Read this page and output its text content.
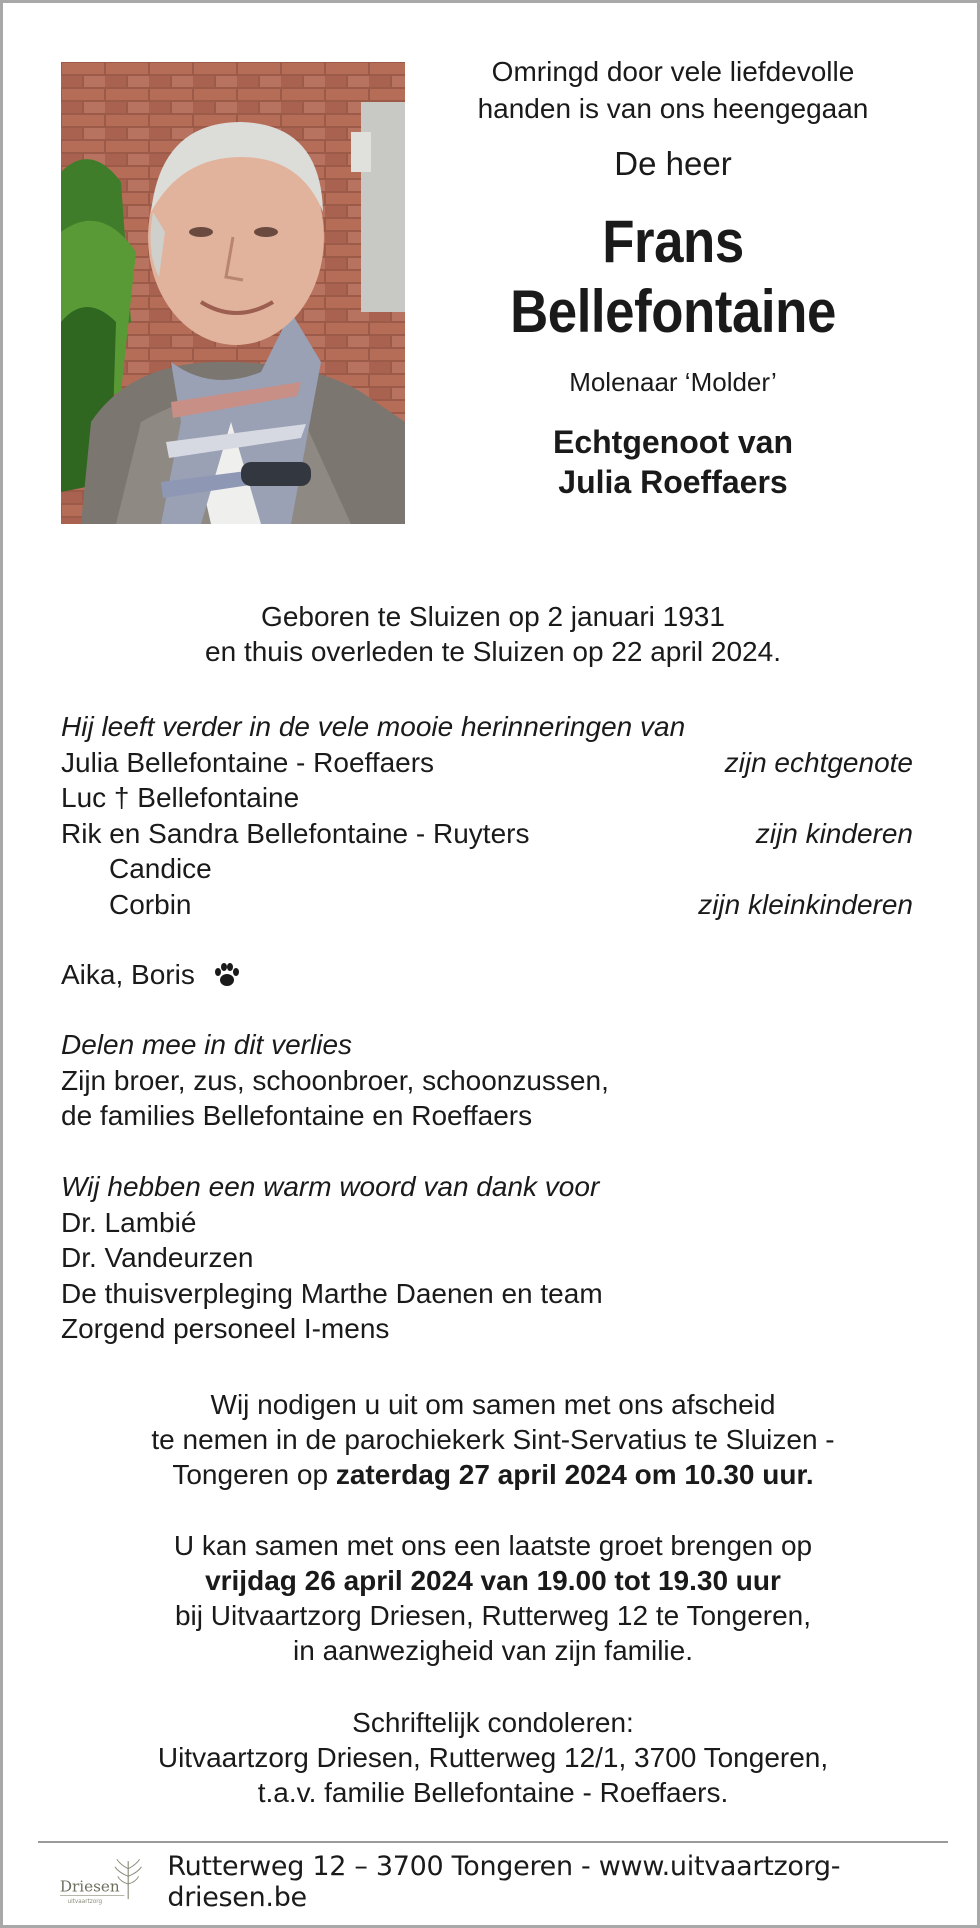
Omringd door vele liefdevolle
handen is van ons heengegaan
De heer
Frans
Bellefontaine
Molenaar ‘Molder’
Echtgenoot van
Julia Roeffaers
Geboren te Sluizen op 2 januari 1931
en thuis overleden te Sluizen op 22 april 2024.
Hij leeft verder in de vele mooie herinneringen van
Julia Bellefontaine - Roeffaers	zijn echtgenote
Luc † Bellefontaine
Rik en Sandra Bellefontaine - Ruyters	zijn kinderen
Candice
Corbin	zijn kleinkinderen
Aika, Boris
Delen mee in dit verlies
Zijn broer, zus, schoonbroer, schoonzussen,
de families Bellefontaine en Roeffaers
Wij hebben een warm woord van dank voor
Dr. Lambié
Dr. Vandeurzen
De thuisverpleging Marthe Daenen en team
Zorgend personeel I-mens
Wij nodigen u uit om samen met ons afscheid
te nemen in de parochiekerk Sint-Servatius te Sluizen -
Tongeren op zaterdag 27 april 2024 om 10.30 uur.
U kan samen met ons een laatste groet brengen op
vrijdag 26 april 2024 van 19.00 tot 19.30 uur
bij Uitvaartzorg Driesen, Rutterweg 12 te Tongeren,
in aanwezigheid van zijn familie.
Schriftelijk condoleren:
Uitvaartzorg Driesen, Rutterweg 12/1, 3700 Tongeren,
t.a.v. familie Bellefontaine - Roeffaers.
Driesen
uitvaartzorg
Rutterweg 12 – 3700 Tongeren - www.uitvaartzorg-driesen.be
